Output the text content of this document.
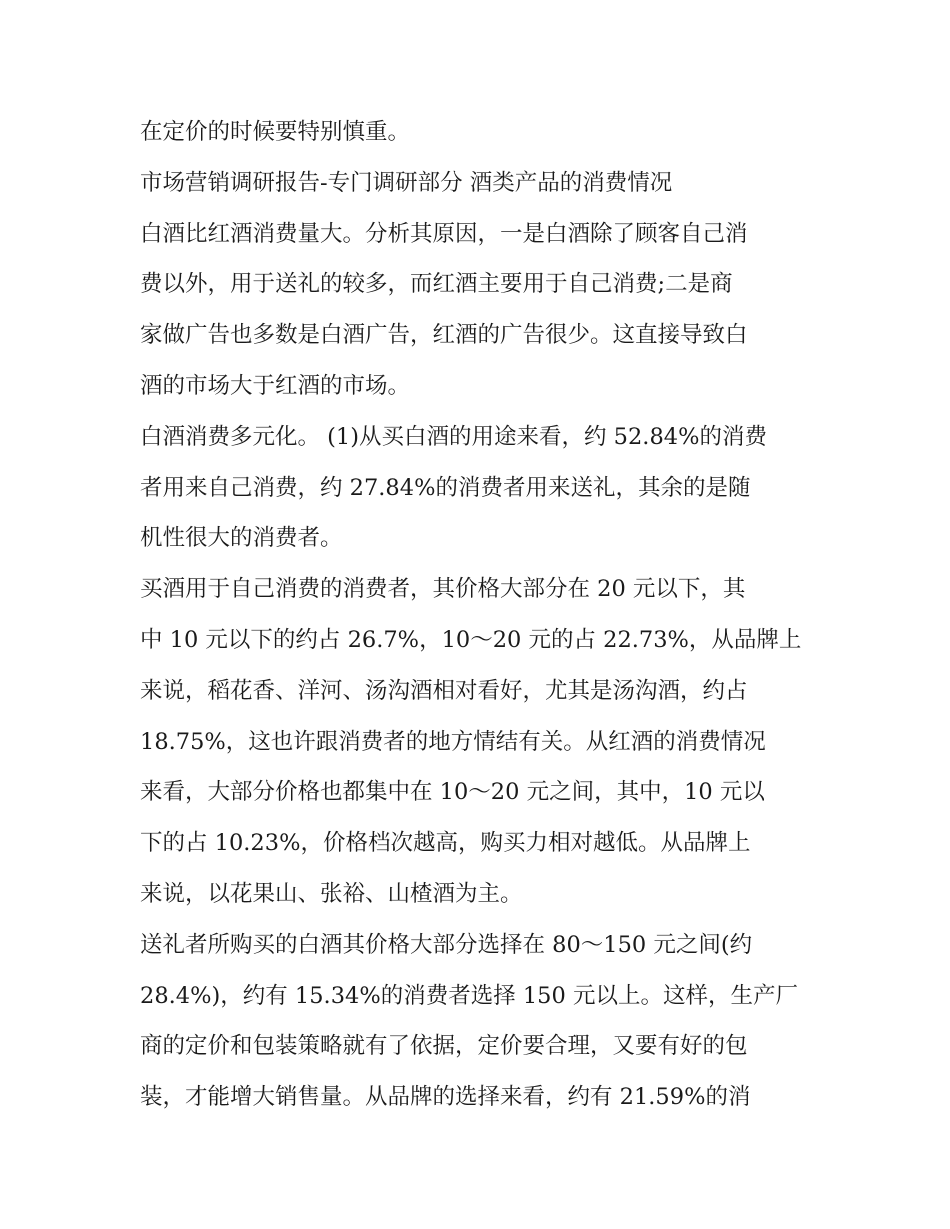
在定价的时候要特别慎重。
市场营销调研报告-专门调研部分 酒类产品的消费情况
白酒比红酒消费量大。分析其原因，一是白酒除了顾客自己消
费以外，用于送礼的较多，而红酒主要用于自己消费;二是商
家做广告也多数是白酒广告，红酒的广告很少。这直接导致白
酒的市场大于红酒的市场。
白酒消费多元化。 (1)从买白酒的用途来看，约 52.84%的消费
者用来自己消费，约 27.84%的消费者用来送礼，其余的是随
机性很大的消费者。
买酒用于自己消费的消费者，其价格大部分在 20 元以下，其
中 10 元以下的约占 26.7%，10～20 元的占 22.73%，从品牌上
来说，稻花香、洋河、汤沟酒相对看好，尤其是汤沟酒，约占
18.75%，这也许跟消费者的地方情结有关。从红酒的消费情况
来看，大部分价格也都集中在 10～20 元之间，其中，10 元以
下的占 10.23%，价格档次越高，购买力相对越低。从品牌上
来说，以花果山、张裕、山楂酒为主。
送礼者所购买的白酒其价格大部分选择在 80～150 元之间(约
28.4%)，约有 15.34%的消费者选择 150 元以上。这样，生产厂
商的定价和包装策略就有了依据，定价要合理，又要有好的包
装，才能增大销售量。从品牌的选择来看，约有 21.59%的消
